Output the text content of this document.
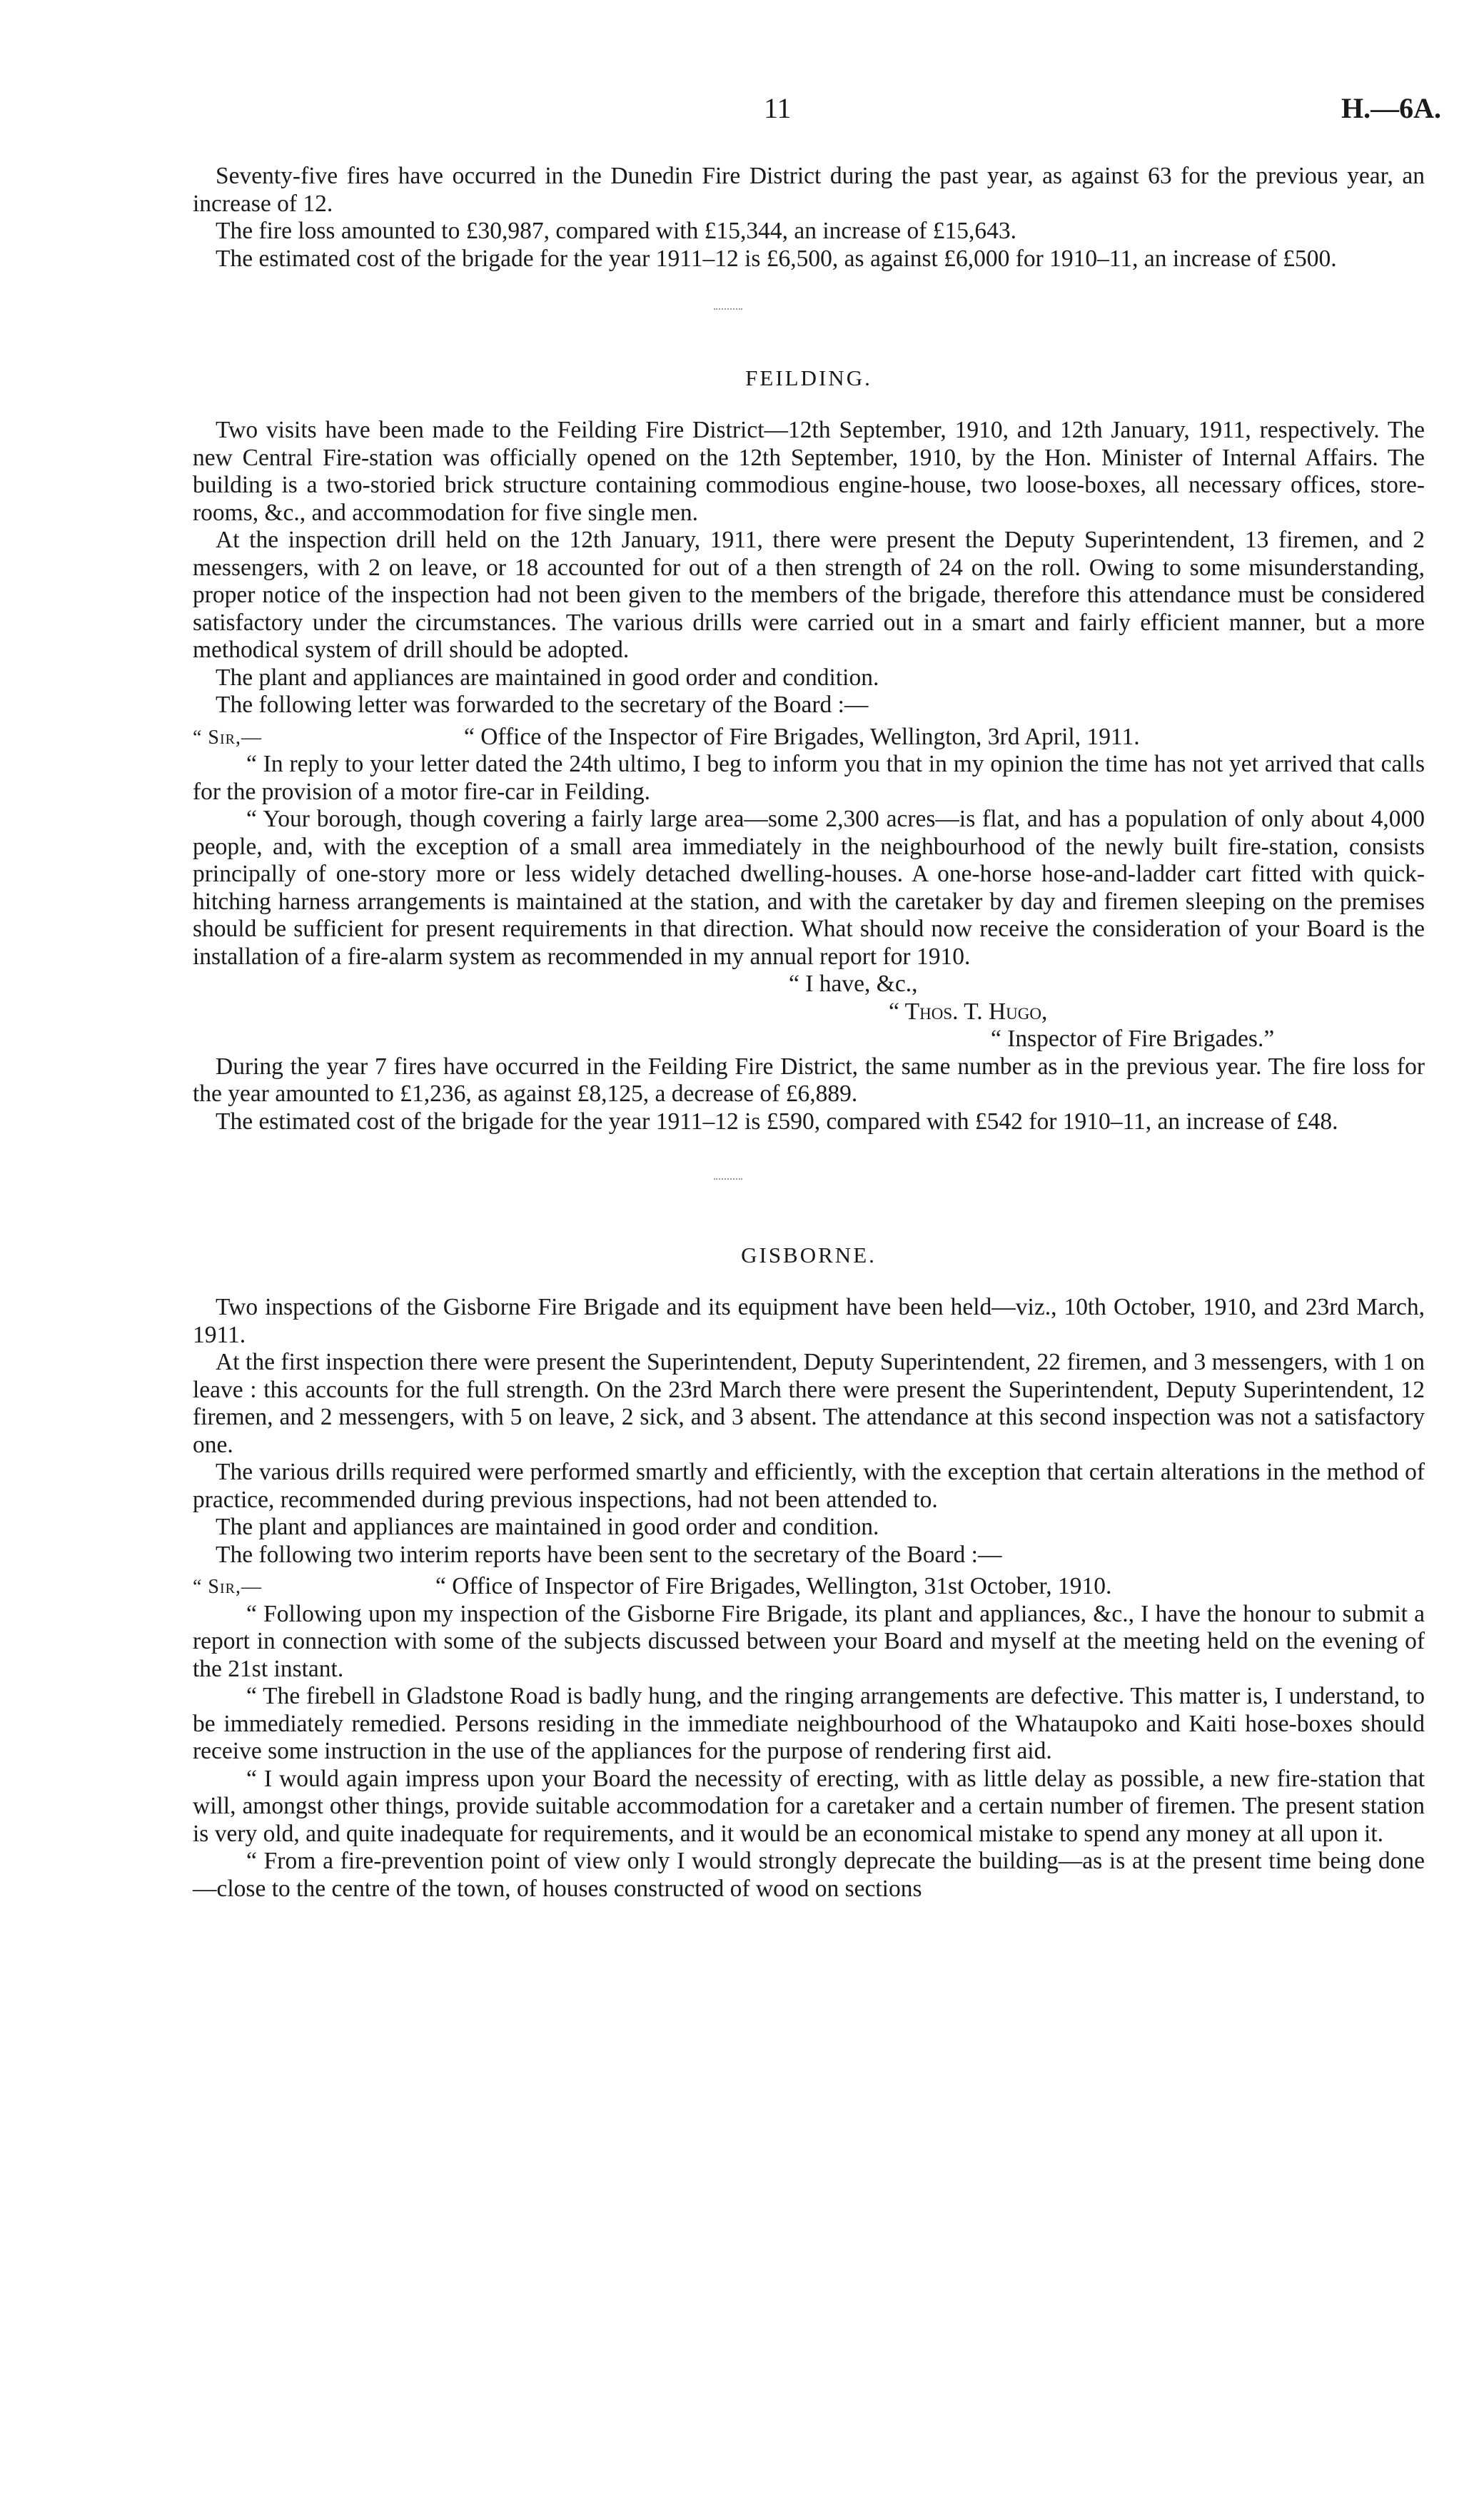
11	H.—6A.

Seventy-five fires have occurred in the Dunedin Fire District during the past year, as against 63 for the previous year, an increase of 12.

The fire loss amounted to £30,987, compared with £15,344, an increase of £15,643.

The estimated cost of the brigade for the year 1911–12 is £6,500, as against £6,000 for 1910–11, an increase of £500.

FEILDING.

Two visits have been made to the Feilding Fire District—12th September, 1910, and 12th January, 1911, respectively. The new Central Fire-station was officially opened on the 12th September, 1910, by the Hon. Minister of Internal Affairs. The building is a two-storied brick structure containing commodious engine-house, two loose-boxes, all necessary offices, store-rooms, &c., and accommodation for five single men.

At the inspection drill held on the 12th January, 1911, there were present the Deputy Superintendent, 13 firemen, and 2 messengers, with 2 on leave, or 18 accounted for out of a then strength of 24 on the roll. Owing to some misunderstanding, proper notice of the inspection had not been given to the members of the brigade, therefore this attendance must be considered satisfactory under the circumstances. The various drills were carried out in a smart and fairly efficient manner, but a more methodical system of drill should be adopted.

The plant and appliances are maintained in good order and condition.

The following letter was forwarded to the secretary of the Board :—

“ Sir,—	“ Office of the Inspector of Fire Brigades, Wellington, 3rd April, 1911.

“ In reply to your letter dated the 24th ultimo, I beg to inform you that in my opinion the time has not yet arrived that calls for the provision of a motor fire-car in Feilding.

“ Your borough, though covering a fairly large area—some 2,300 acres—is flat, and has a population of only about 4,000 people, and, with the exception of a small area immediately in the neighbourhood of the newly built fire-station, consists principally of one-story more or less widely detached dwelling-houses. A one-horse hose-and-ladder cart fitted with quick-hitching harness arrangements is maintained at the station, and with the caretaker by day and firemen sleeping on the premises should be sufficient for present requirements in that direction. What should now receive the consideration of your Board is the installation of a fire-alarm system as recommended in my annual report for 1910.

“ I have, &c.,
“ Thos. T. Hugo,
“ Inspector of Fire Brigades.”

During the year 7 fires have occurred in the Feilding Fire District, the same number as in the previous year. The fire loss for the year amounted to £1,236, as against £8,125, a decrease of £6,889.

The estimated cost of the brigade for the year 1911–12 is £590, compared with £542 for 1910–11, an increase of £48.

GISBORNE.

Two inspections of the Gisborne Fire Brigade and its equipment have been held—viz., 10th October, 1910, and 23rd March, 1911.

At the first inspection there were present the Superintendent, Deputy Superintendent, 22 firemen, and 3 messengers, with 1 on leave : this accounts for the full strength. On the 23rd March there were present the Superintendent, Deputy Superintendent, 12 firemen, and 2 messengers, with 5 on leave, 2 sick, and 3 absent. The attendance at this second inspection was not a satisfactory one.

The various drills required were performed smartly and efficiently, with the exception that certain alterations in the method of practice, recommended during previous inspections, had not been attended to.

The plant and appliances are maintained in good order and condition.

The following two interim reports have been sent to the secretary of the Board :—

“ Sir,—	“ Office of Inspector of Fire Brigades, Wellington, 31st October, 1910.

“ Following upon my inspection of the Gisborne Fire Brigade, its plant and appliances, &c., I have the honour to submit a report in connection with some of the subjects discussed between your Board and myself at the meeting held on the evening of the 21st instant.

“ The firebell in Gladstone Road is badly hung, and the ringing arrangements are defective. This matter is, I understand, to be immediately remedied. Persons residing in the immediate neighbourhood of the Whataupoko and Kaiti hose-boxes should receive some instruction in the use of the appliances for the purpose of rendering first aid.

“ I would again impress upon your Board the necessity of erecting, with as little delay as possible, a new fire-station that will, amongst other things, provide suitable accommodation for a caretaker and a certain number of firemen. The present station is very old, and quite inadequate for requirements, and it would be an economical mistake to spend any money at all upon it.

“ From a fire-prevention point of view only I would strongly deprecate the building—as is at the present time being done—close to the centre of the town, of houses constructed of wood on sections
